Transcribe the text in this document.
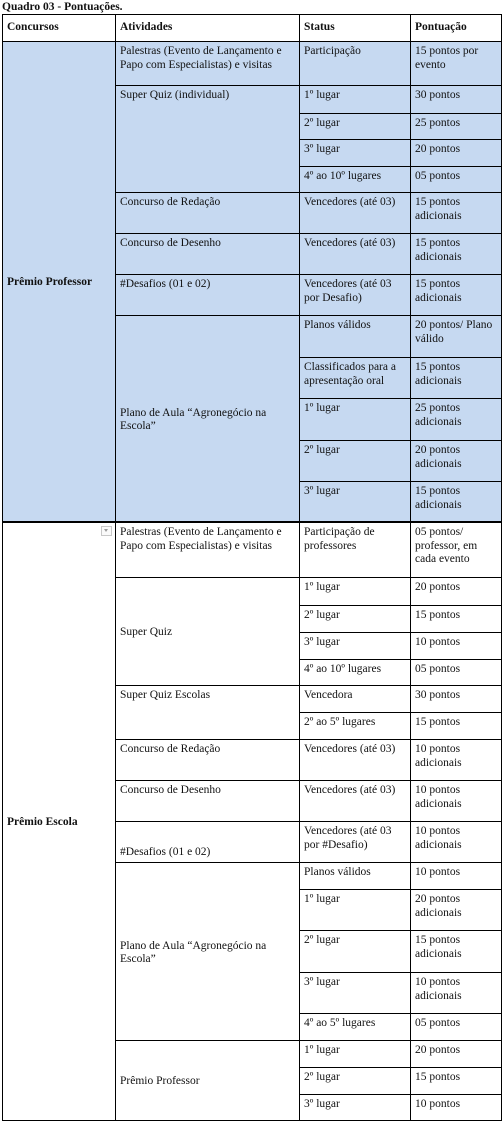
Quadro 03 - Pontuações.
Concursos	Atividades	Status	Pontuação
Prêmio Professor	Palestras (Evento de Lançamento e Papo com Especialistas) e visitas	Participação	15 pontos por evento
	Super Quiz (individual)	1º lugar	30 pontos
		2º lugar	25 pontos
		3º lugar	20 pontos
		4º ao 10º lugares	05 pontos
	Concurso de Redação	Vencedores (até 03)	15 pontos adicionais
	Concurso de Desenho	Vencedores (até 03)	15 pontos adicionais
	#Desafios (01 e 02)	Vencedores (até 03 por Desafio)	15 pontos adicionais
	Plano de Aula “Agronegócio na Escola”	Planos válidos	20 pontos/ Plano válido
		Classificados para a apresentação oral	15 pontos adicionais
		1º lugar	25 pontos adicionais
		2º lugar	20 pontos adicionais
		3º lugar	15 pontos adicionais
Prêmio Escola	Palestras (Evento de Lançamento e Papo com Especialistas) e visitas	Participação de professores	05 pontos/ professor, em cada evento
	Super Quiz	1º lugar	20 pontos
		2º lugar	15 pontos
		3º lugar	10 pontos
		4º ao 10º lugares	05 pontos
	Super Quiz Escolas	Vencedora	30 pontos
		2º ao 5º lugares	15 pontos
	Concurso de Redação	Vencedores (até 03)	10 pontos adicionais
	Concurso de Desenho	Vencedores (até 03)	10 pontos adicionais
	#Desafios (01 e 02)	Vencedores (até 03 por #Desafio)	10 pontos adicionais
	Plano de Aula “Agronegócio na Escola”	Planos válidos	10 pontos
		1º lugar	20 pontos adicionais
		2º lugar	15 pontos adicionais
		3º lugar	10 pontos adicionais
		4º ao 5º lugares	05 pontos
	Prêmio Professor	1º lugar	20 pontos
		2º lugar	15 pontos
		3º lugar	10 pontos
